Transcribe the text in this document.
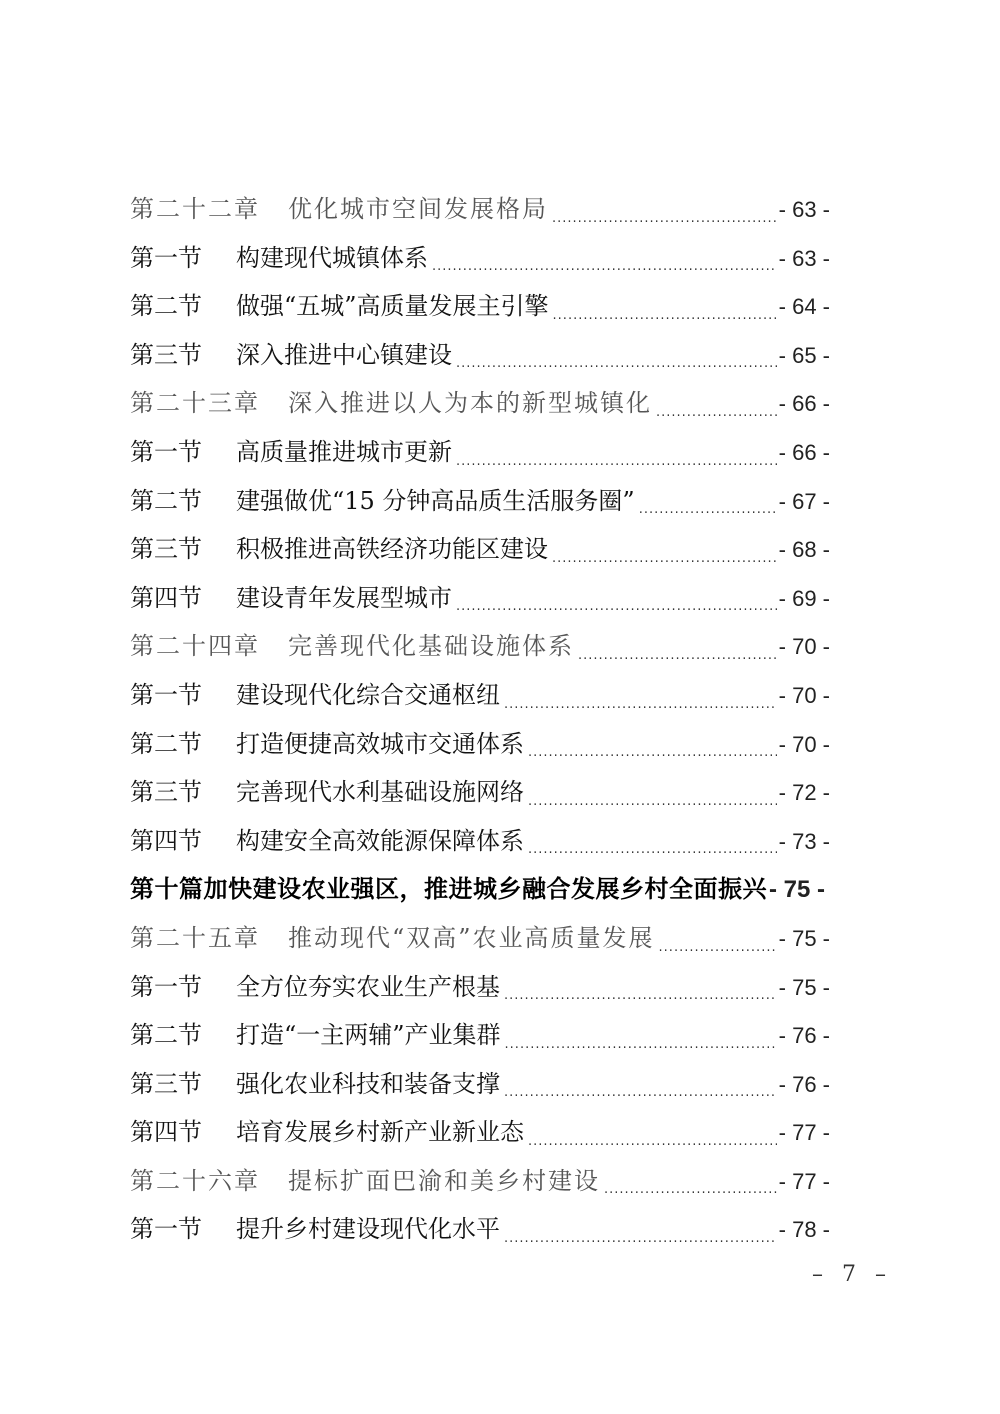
第二十二章	优化城市空间发展格局 .....	- 63 -
第一节	构建现代城镇体系 .....	- 63 -
第二节	做强“五城”高质量发展主引擎 .....	- 64 -
第三节	深入推进中心镇建设 .....	- 65 -
第二十三章	深入推进以人为本的新型城镇化 .....	- 66 -
第一节	高质量推进城市更新 .....	- 66 -
第二节	建强做优“15 分钟高品质生活服务圈” .....	- 67 -
第三节	积极推进高铁经济功能区建设 .....	- 68 -
第四节	建设青年发展型城市 .....	- 69 -
第二十四章	完善现代化基础设施体系 .....	- 70 -
第一节	建设现代化综合交通枢纽 .....	- 70 -
第二节	打造便捷高效城市交通体系 .....	- 70 -
第三节	完善现代水利基础设施网络 .....	- 72 -
第四节	构建安全高效能源保障体系 .....	- 73 -
第十篇 加快建设农业强区，推进城乡融合发展乡村全面振兴 - 75 -
第二十五章	推动现代“双高”农业高质量发展 .....	- 75 -
第一节	全方位夯实农业生产根基 .....	- 75 -
第二节	打造“一主两辅”产业集群 .....	- 76 -
第三节	强化农业科技和装备支撑 .....	- 76 -
第四节	培育发展乡村新产业新业态 .....	- 77 -
第二十六章	提标扩面巴渝和美乡村建设 .....	- 77 -
第一节	提升乡村建设现代化水平 .....	- 78 -
– 7 –
